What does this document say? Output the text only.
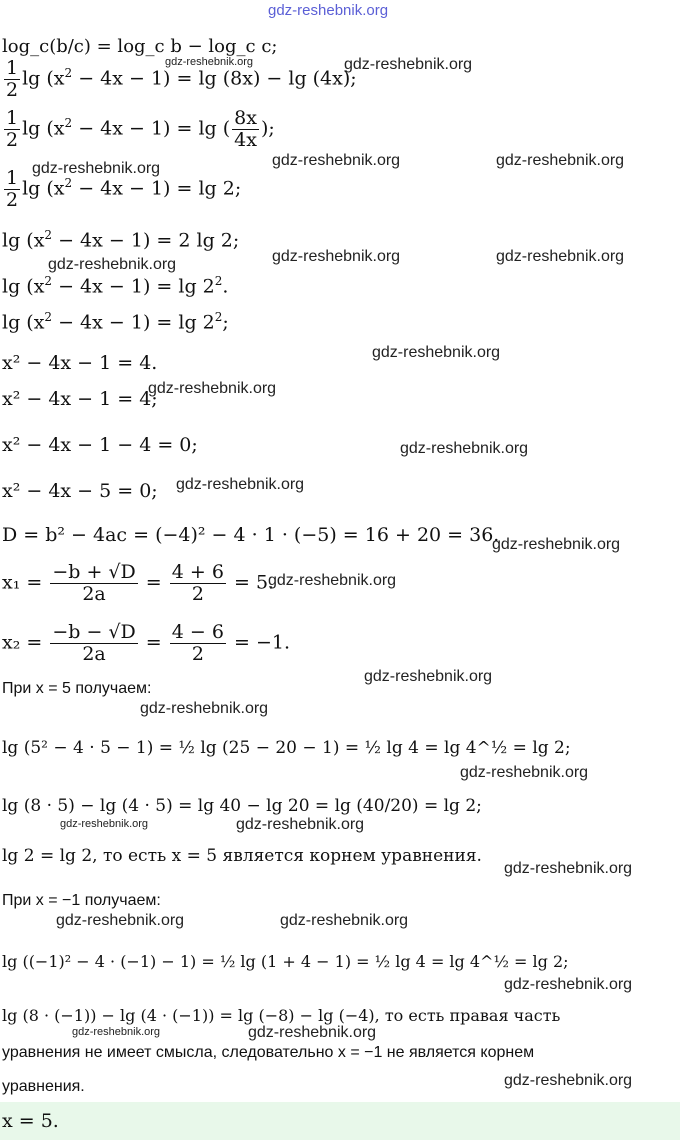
gdz-reshebnik.org
log_c(b/c) = log_c b − log_c c;
$\frac{1}{2}$ $\lg (x^2 - 4x - 1) = \lg (8x) - \lg (4x)$;
$\frac{1}{2}$ $\lg (x^2 - 4x - 1) = \lg$ ( $\frac{8x}{4x}$ );
$\frac{1}{2}$ $\lg (x^2 - 4x - 1) = \lg 2$;
$\lg (x^2 - 4x - 1) = 2$ lg 2;
$\lg (x^2 - 4x - 1) = \lg 2^2$.
$\lg (x^2 - 4x - 1) = \lg 2^2$;
x² − 4x − 1 = 4.
x² − 4x − 1 = 4;
x² − 4x − 1 − 4 = 0;
x² − 4x − 5 = 0;
D = b² − 4ac = (−4)² − 4 · 1 · (−5) = 16 + 20 = 36.
$x_1 = \frac{-b + √D}{2a} = \frac{4 + 6}{2} = 5$.
$x_2 = \frac{-b - √D}{2a} = \frac{4 - 6}{2} = -1$.
При x = 5 получаем:
lg (5² − 4 · 5 − 1) = ½ lg (25 − 20 − 1) = ½ lg 4 = lg 4^½ = lg 2;
lg (8 · 5) − lg (4 · 5) = lg 40 − lg 20 = lg (40/20) = lg 2;
lg 2 = lg 2, то есть x = 5 является корнем уравнения.
При x = −1 получаем:
lg ((−1)² − 4 · (−1) − 1) = ½ lg (1 + 4 − 1) = ½ lg 4 = lg 4^½ = lg 2;
lg (8 · (−1)) − lg (4 · (−1)) = lg (−8) − lg (−4), то есть правая часть
уравнения не имеет смысла, следовательно x = −1 не является корнем
уравнения.
x = 5.
gdz-reshebnik.org	gdz-reshebnik.org
gdz-reshebnik.org	gdz-reshebnik.org	gdz-reshebnik.org
gdz-reshebnik.org	gdz-reshebnik.org
gdz-reshebnik.org
gdz-reshebnik.org
gdz-reshebnik.org
gdz-reshebnik.org
gdz-reshebnik.org
gdz-reshebnik.org
gdz-reshebnik.org
gdz-reshebnik.org
gdz-reshebnik.org
gdz-reshebnik.org
gdz-reshebnik.org	gdz-reshebnik.org
gdz-reshebnik.org
gdz-reshebnik.org	gdz-reshebnik.org
gdz-reshebnik.org
gdz-reshebnik.org	gdz-reshebnik.org
gdz-reshebnik.org
